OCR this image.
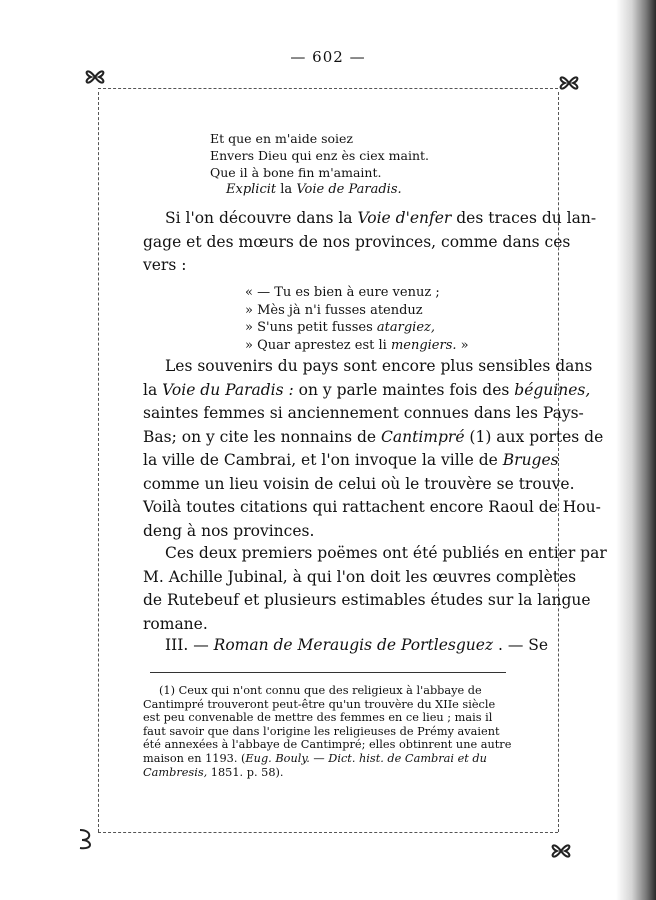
— 602 —
Et que en m'aide soiez
Envers Dieu qui enz ès ciex maint.
Que il à bone fin m'amaint.
Explicit la Voie de Paradis.
Si l'on découvre dans la Voie d'enfer des traces du lan-
gage et des mœurs de nos provinces, comme dans ces
vers :
« — Tu es bien à eure venuz ;
» Mès jà n'i fusses atenduz
» S'uns petit fusses atargiez,
» Quar aprestez est li mengiers. »
Les souvenirs du pays sont encore plus sensibles dans
la Voie du Paradis : on y parle maintes fois des béguines,
saintes femmes si anciennement connues dans les Pays-
Bas; on y cite les nonnains de Cantimpré (1) aux portes de
la ville de Cambrai, et l'on invoque la ville de Bruges
comme un lieu voisin de celui où le trouvère se trouve.
Voilà toutes citations qui rattachent encore Raoul de Hou-
deng à nos provinces.
Ces deux premiers poëmes ont été publiés en entier par
M. Achille Jubinal, à qui l'on doit les œuvres complètes
de Rutebeuf et plusieurs estimables études sur la langue
romane.
III. — Roman de Meraugis de Portlesguez . — Se
(1) Ceux qui n'ont connu que des religieux à l'abbaye de
Cantimpré trouveront peut-être qu'un trouvère du XIIe siècle
est peu convenable de mettre des femmes en ce lieu ; mais il
faut savoir que dans l'origine les religieuses de Prémy avaient
été annexées à l'abbaye de Cantimpré; elles obtinrent une autre
maison en 1193. (Eug. Bouly. — Dict. hist. de Cambrai et du
Cambresis, 1851. p. 58).
